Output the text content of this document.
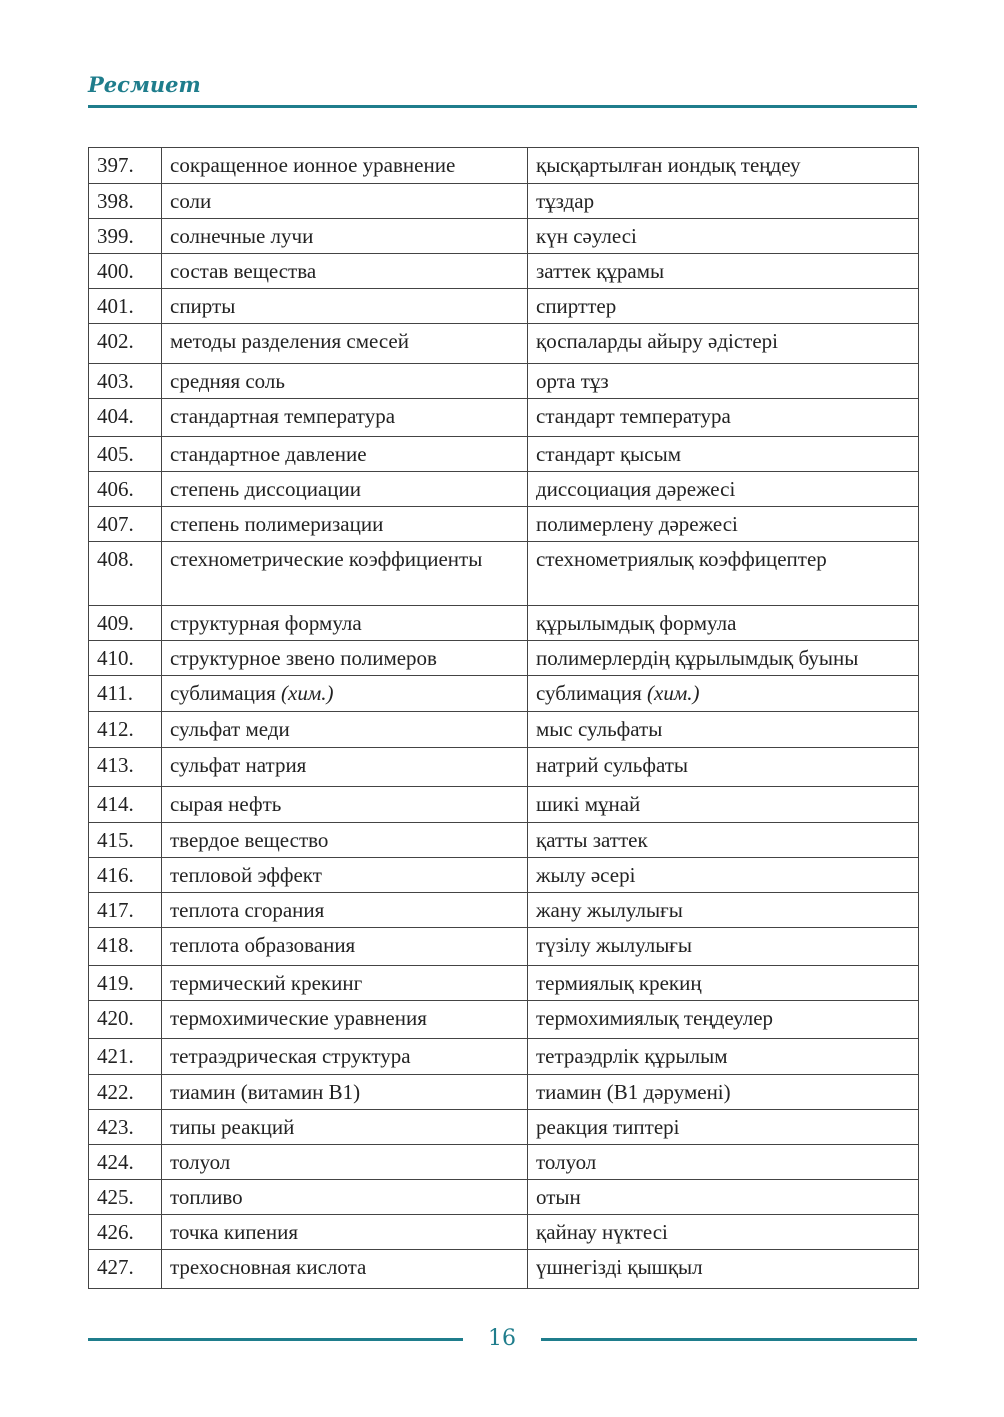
Ресмиет
397.	сокращенное ионное уравнение	қысқартылған иондық теңдеу
398.	соли	тұздар
399.	солнечные лучи	күн сәулесі
400.	состав вещества	заттек құрамы
401.	спирты	спирттер
402.	методы разделения смесей	қоспаларды айыру әдістері
403.	средняя соль	орта тұз
404.	стандартная температура	стандарт температура
405.	стандартное давление	стандарт қысым
406.	степень диссоциации	диссоциация дәрежесі
407.	степень полимеризации	полимерлену дәрежесі
408.	стехнометрические коэффициенты	стехнометриялық коэффицептер
409.	структурная формула	құрылымдық формула
410.	структурное звено полимеров	полимерлердің құрылымдық буыны
411.	сублимация (хим.)	сублимация (хим.)
412.	сульфат меди	мыс сульфаты
413.	сульфат натрия	натрий сульфаты
414.	сырая нефть	шикі мұнай
415.	твердое вещество	қатты заттек
416.	тепловой эффект	жылу әсері
417.	теплота сгорания	жану жылулығы
418.	теплота образования	түзілу жылулығы
419.	термический крекинг	термиялық крекиң
420.	термохимические уравнения	термохимиялық теңдеулер
421.	тетраэдрическая структура	тетраэдрлік құрылым
422.	тиамин (витамин В1)	тиамин (В1 дәрумені)
423.	типы реакций	реакция типтері
424.	толуол	толуол
425.	топливо	отын
426.	точка кипения	қайнау нүктесі
427.	трехосновная кислота	үшнегізді қышқыл
16
